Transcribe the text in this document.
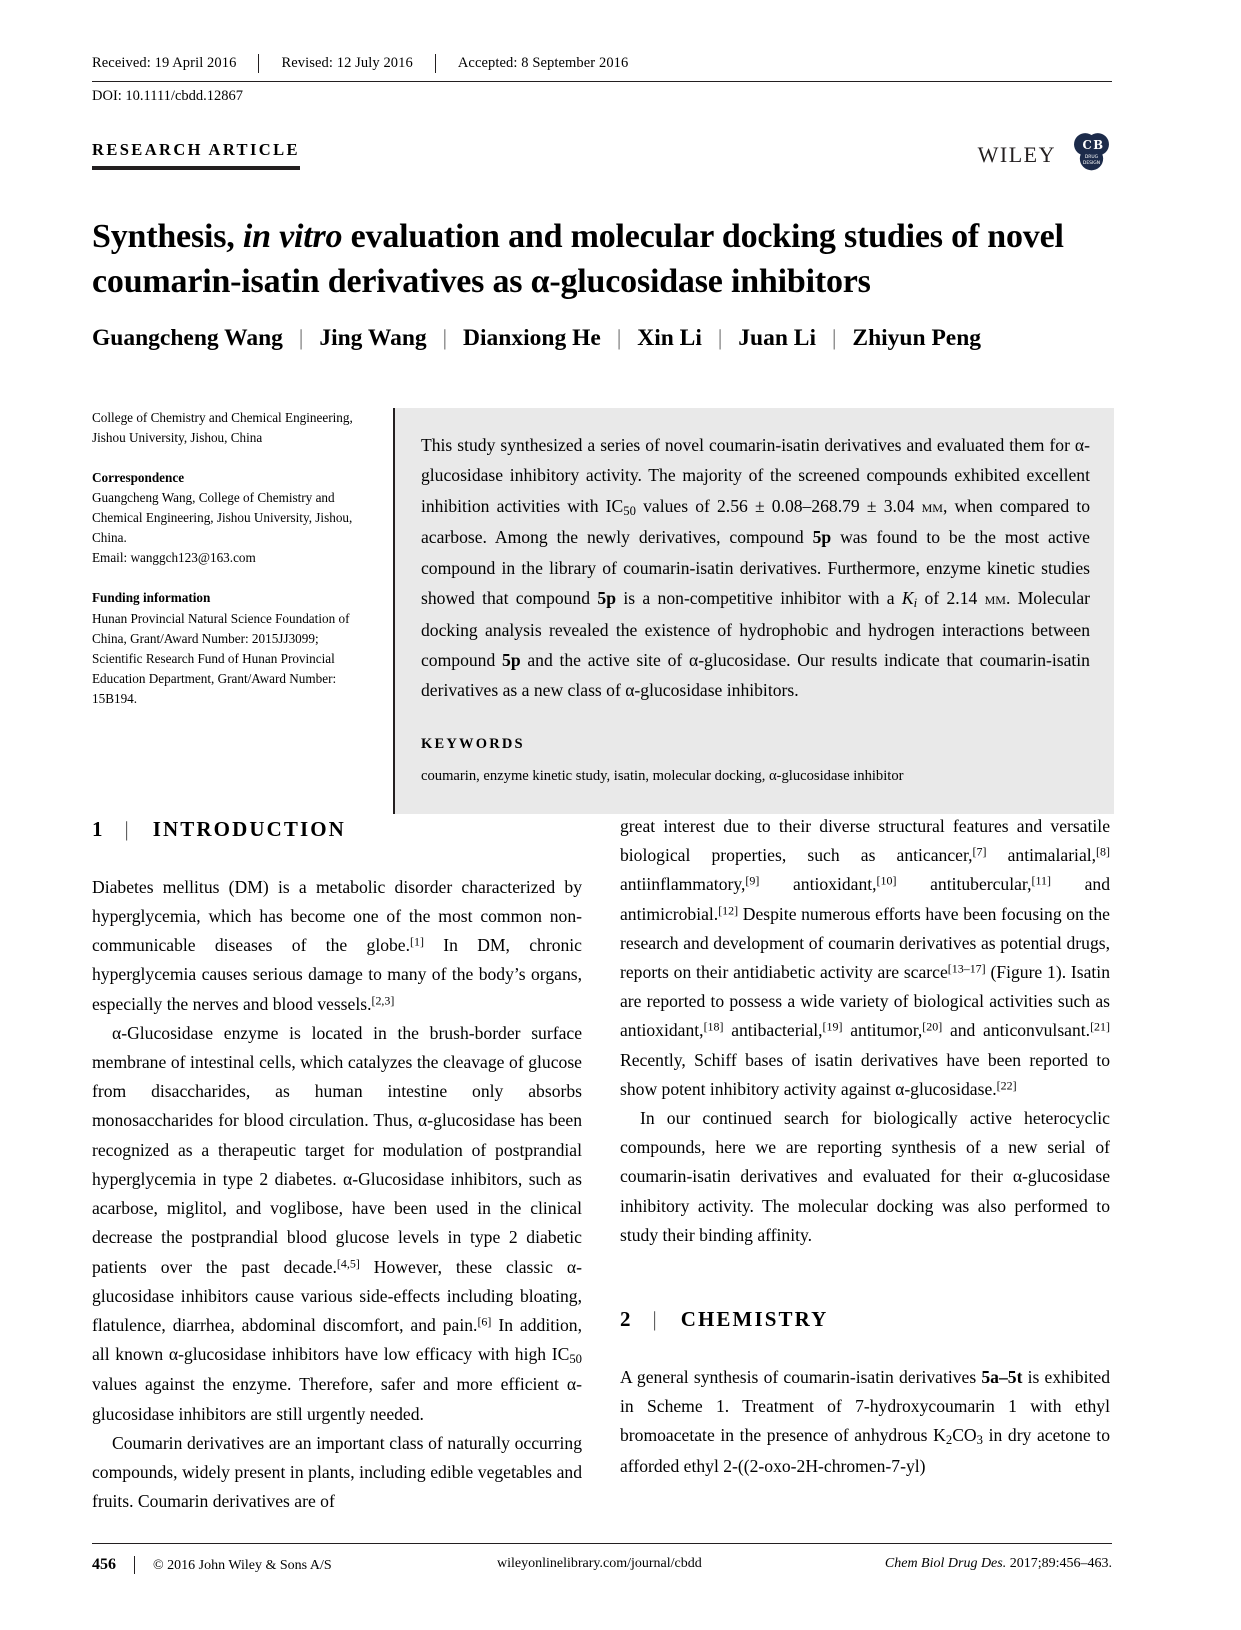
Received: 19 April 2016	Revised: 12 July 2016	Accepted: 8 September 2016
DOI: 10.1111/cbdd.12867
RESEARCH ARTICLE	wiley C B
DRUG
DESIGN
Synthesis, in vitro evaluation and molecular docking studies of novel coumarin-isatin derivatives as α-glucosidase inhibitors
Guangcheng Wang | Jing Wang | Dianxiong He | Xin Li | Juan Li | Zhiyun Peng

College of Chemistry and Chemical Engineering, Jishou University, Jishou, China

Correspondence

Guangcheng Wang, College of Chemistry and Chemical Engineering, Jishou University, Jishou, China.

Email: wanggch123@163.com

Funding information

Hunan Provincial Natural Science Foundation of China, Grant/Award Number: 2015JJ3099; Scientific Research Fund of Hunan Provincial Education Department, Grant/Award Number: 15B194.

This study synthesized a series of novel coumarin-isatin derivatives and evaluated them for α-glucosidase inhibitory activity. The majority of the screened compounds exhibited excellent inhibition activities with $IC_{50}$ values of 2.56 ± 0.08–268.79 ± 3.04 μm, when compared to acarbose. Among the newly derivatives, compound 5p was found to be the most active compound in the library of coumarin-isatin derivatives. Furthermore, enzyme kinetic studies showed that compound 5p is a non-competitive inhibitor with a $K_i$ of 2.14 μm. Molecular docking analysis revealed the existence of hydrophobic and hydrogen interactions between compound 5p and the active site of α-glucosidase. Our results indicate that coumarin-isatin derivatives as a new class of α-glucosidase inhibitors.

KEYWORDS

coumarin, enzyme kinetic study, isatin, molecular docking, α-glucosidase inhibitor

1 | INTRODUCTION

Diabetes mellitus (DM) is a metabolic disorder characterized by hyperglycemia, which has become one of the most common non-communicable diseases of the globe.[1] In DM, chronic hyperglycemia causes serious damage to many of the body’s organs, especially the nerves and blood vessels.[2,3]

α-Glucosidase enzyme is located in the brush-border surface membrane of intestinal cells, which catalyzes the cleavage of glucose from disaccharides, as human intestine only absorbs monosaccharides for blood circulation. Thus, α-glucosidase has been recognized as a therapeutic target for modulation of postprandial hyperglycemia in type 2 diabetes. α-Glucosidase inhibitors, such as acarbose, miglitol, and voglibose, have been used in the clinical decrease the postprandial blood glucose levels in type 2 diabetic patients over the past decade.[4,5] However, these classic α-glucosidase inhibitors cause various side-effects including bloating, flatulence, diarrhea, abdominal discomfort, and pain.[6] In addition, all known α-glucosidase inhibitors have low efficacy with high $IC_{50}$ values against the enzyme. Therefore, safer and more efficient α-glucosidase inhibitors are still urgently needed.

Coumarin derivatives are an important class of naturally occurring compounds, widely present in plants, including edible vegetables and fruits. Coumarin derivatives are of

great interest due to their diverse structural features and versatile biological properties, such as anticancer,[7] antimalarial,[8] antiinflammatory,[9] antioxidant,[10] antitubercular,[11] and antimicrobial.[12] Despite numerous efforts have been focusing on the research and development of coumarin derivatives as potential drugs, reports on their antidiabetic activity are scarce[13–17] (Figure 1). Isatin are reported to possess a wide variety of biological activities such as antioxidant,[18] antibacterial,[19] antitumor,[20] and anticonvulsant.[21] Recently, Schiff bases of isatin derivatives have been reported to show potent inhibitory activity against α-glucosidase.[22]

In our continued search for biologically active heterocyclic compounds, here we are reporting synthesis of a new serial of coumarin-isatin derivatives and evaluated for their α-glucosidase inhibitory activity. The molecular docking was also performed to study their binding affinity.

2 | CHEMISTRY

A general synthesis of coumarin-isatin derivatives 5a–5t is exhibited in Scheme 1. Treatment of 7-hydroxycoumarin 1 with ethyl bromoacetate in the presence of anhydrous $K_2CO_3$ in dry acetone to afforded ethyl 2-((2-oxo-2H-chromen-7-yl)

456	© 2016 John Wiley & Sons A/S	wileyonlinelibrary.com/journal/cbdd	Chem Biol Drug Des. 2017;89:456–463.
